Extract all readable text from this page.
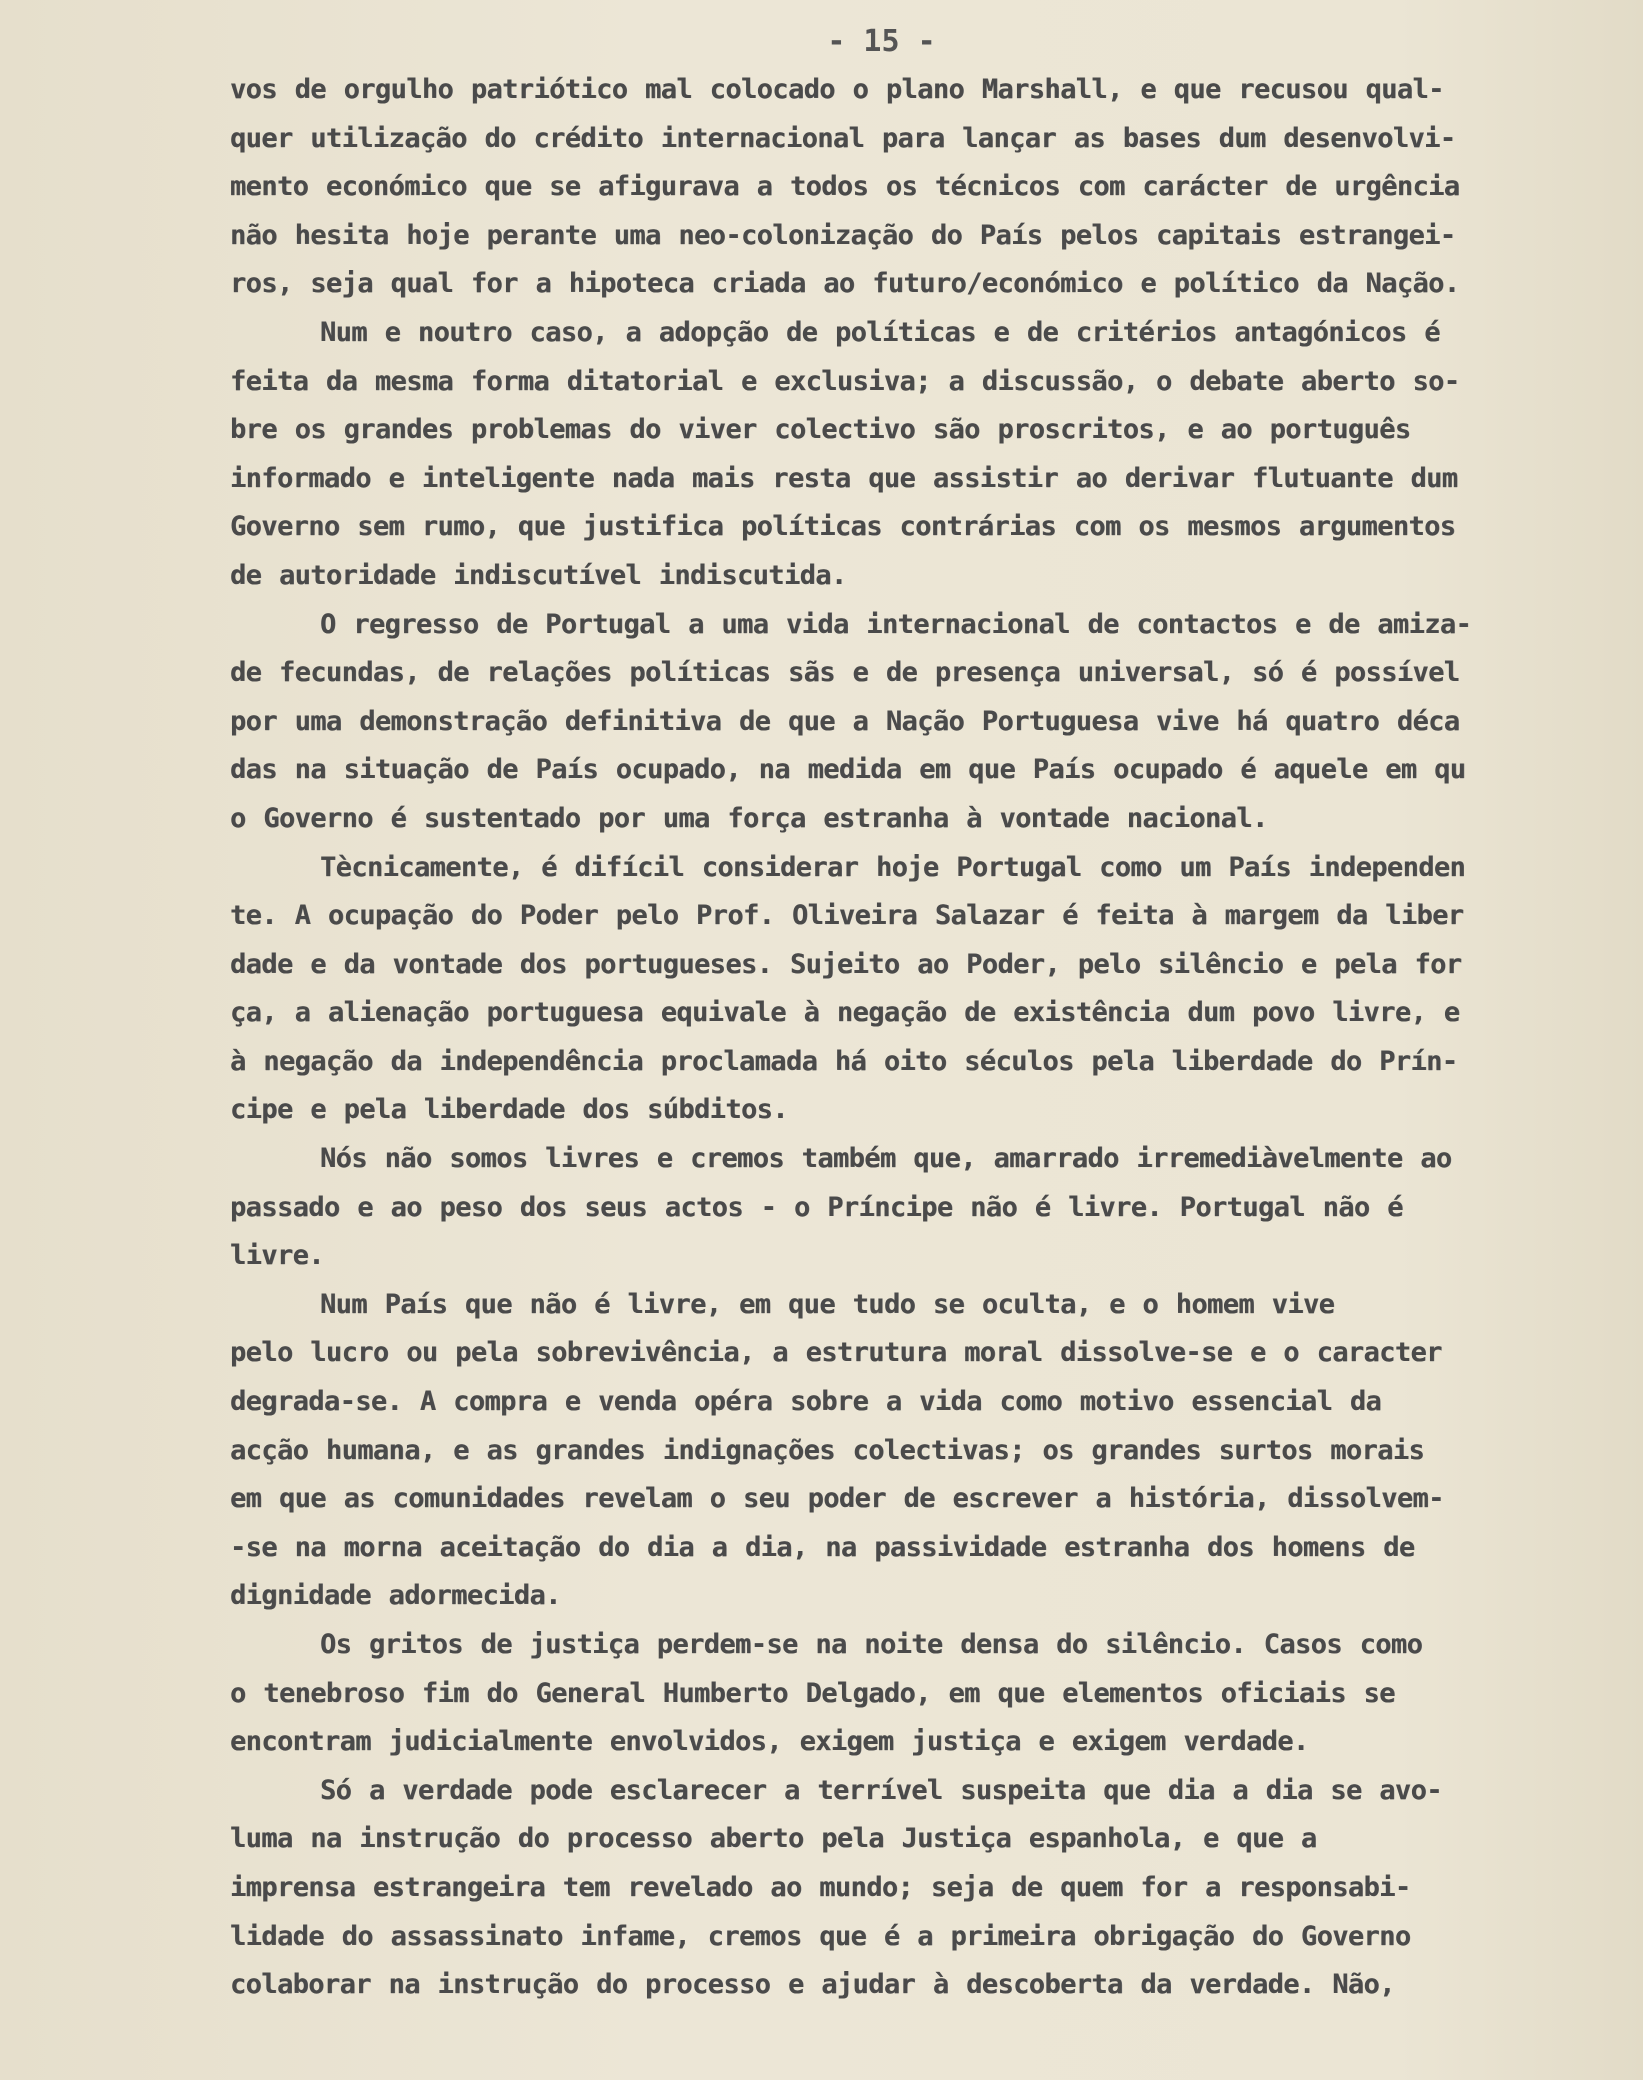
- 15 -
vos de orgulho patriótico mal colocado o plano Marshall, e que recusou qual-
quer utilização do crédito internacional para lançar as bases dum desenvolvi-
mento económico que se afigurava a todos os técnicos com carácter de urgência
não hesita hoje perante uma neo-colonização do País pelos capitais estrangei-
ros, seja qual for a hipoteca criada ao futuro/económico e político da Nação.
Num e noutro caso, a adopção de políticas e de critérios antagónicos é
feita da mesma forma ditatorial e exclusiva; a discussão, o debate aberto so-
bre os grandes problemas do viver colectivo são proscritos, e ao português
informado e inteligente nada mais resta que assistir ao derivar flutuante dum
Governo sem rumo, que justifica políticas contrárias com os mesmos argumentos
de autoridade indiscutível indiscutida.
O regresso de Portugal a uma vida internacional de contactos e de amiza-
de fecundas, de relações políticas sãs e de presença universal, só é possível
por uma demonstração definitiva de que a Nação Portuguesa vive há quatro déca
das na situação de País ocupado, na medida em que País ocupado é aquele em qu
o Governo é sustentado por uma força estranha à vontade nacional.
Tècnicamente, é difícil considerar hoje Portugal como um País independen
te. A ocupação do Poder pelo Prof. Oliveira Salazar é feita à margem da liber
dade e da vontade dos portugueses. Sujeito ao Poder, pelo silêncio e pela for
ça, a alienação portuguesa equivale à negação de existência dum povo livre, e
à negação da independência proclamada há oito séculos pela liberdade do Prín-
cipe e pela liberdade dos súbditos.
Nós não somos livres e cremos também que, amarrado irremediàvelmente ao
passado e ao peso dos seus actos - o Príncipe não é livre. Portugal não é
livre.
Num País que não é livre, em que tudo se oculta, e o homem vive
pelo lucro ou pela sobrevivência, a estrutura moral dissolve-se e o caracter
degrada-se. A compra e venda opéra sobre a vida como motivo essencial da
acção humana, e as grandes indignações colectivas; os grandes surtos morais
em que as comunidades revelam o seu poder de escrever a história, dissolvem-
-se na morna aceitação do dia a dia, na passividade estranha dos homens de
dignidade adormecida.
Os gritos de justiça perdem-se na noite densa do silêncio. Casos como
o tenebroso fim do General Humberto Delgado, em que elementos oficiais se
encontram judicialmente envolvidos, exigem justiça e exigem verdade.
Só a verdade pode esclarecer a terrível suspeita que dia a dia se avo-
luma na instrução do processo aberto pela Justiça espanhola, e que a
imprensa estrangeira tem revelado ao mundo; seja de quem for a responsabi-
lidade do assassinato infame, cremos que é a primeira obrigação do Governo
colaborar na instrução do processo e ajudar à descoberta da verdade. Não,
